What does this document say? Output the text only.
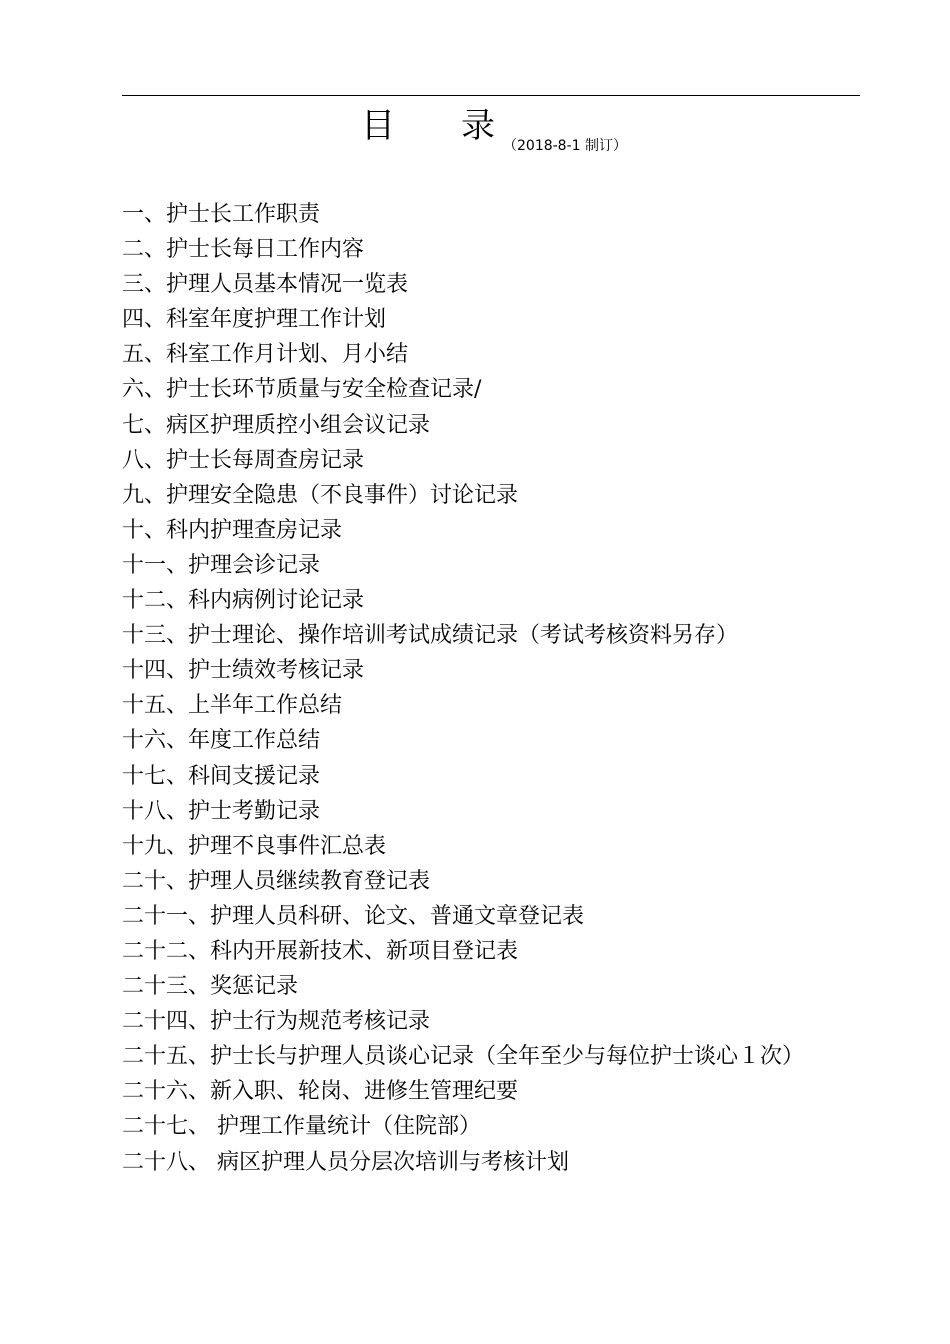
目 录 （2018-8-1 制订）
一、护士长工作职责
二、护士长每日工作内容
三、护理人员基本情况一览表
四、科室年度护理工作计划
五、科室工作月计划、月小结
六、护士长环节质量与安全检查记录/
七、病区护理质控小组会议记录
八、护士长每周查房记录
九、护理安全隐患（不良事件）讨论记录
十、科内护理查房记录
十一、护理会诊记录
十二、科内病例讨论记录
十三、护士理论、操作培训考试成绩记录（考试考核资料另存）
十四、护士绩效考核记录
十五、上半年工作总结
十六、年度工作总结
十七、科间支援记录
十八、护士考勤记录
十九、护理不良事件汇总表
二十、护理人员继续教育登记表
二十一、护理人员科研、论文、普通文章登记表
二十二、科内开展新技术、新项目登记表
二十三、奖惩记录
二十四、护士行为规范考核记录
二十五、护士长与护理人员谈心记录（全年至少与每位护士谈心１次）
二十六、新入职、轮岗、进修生管理纪要
二十七、 护理工作量统计（住院部）
二十八、 病区护理人员分层次培训与考核计划
